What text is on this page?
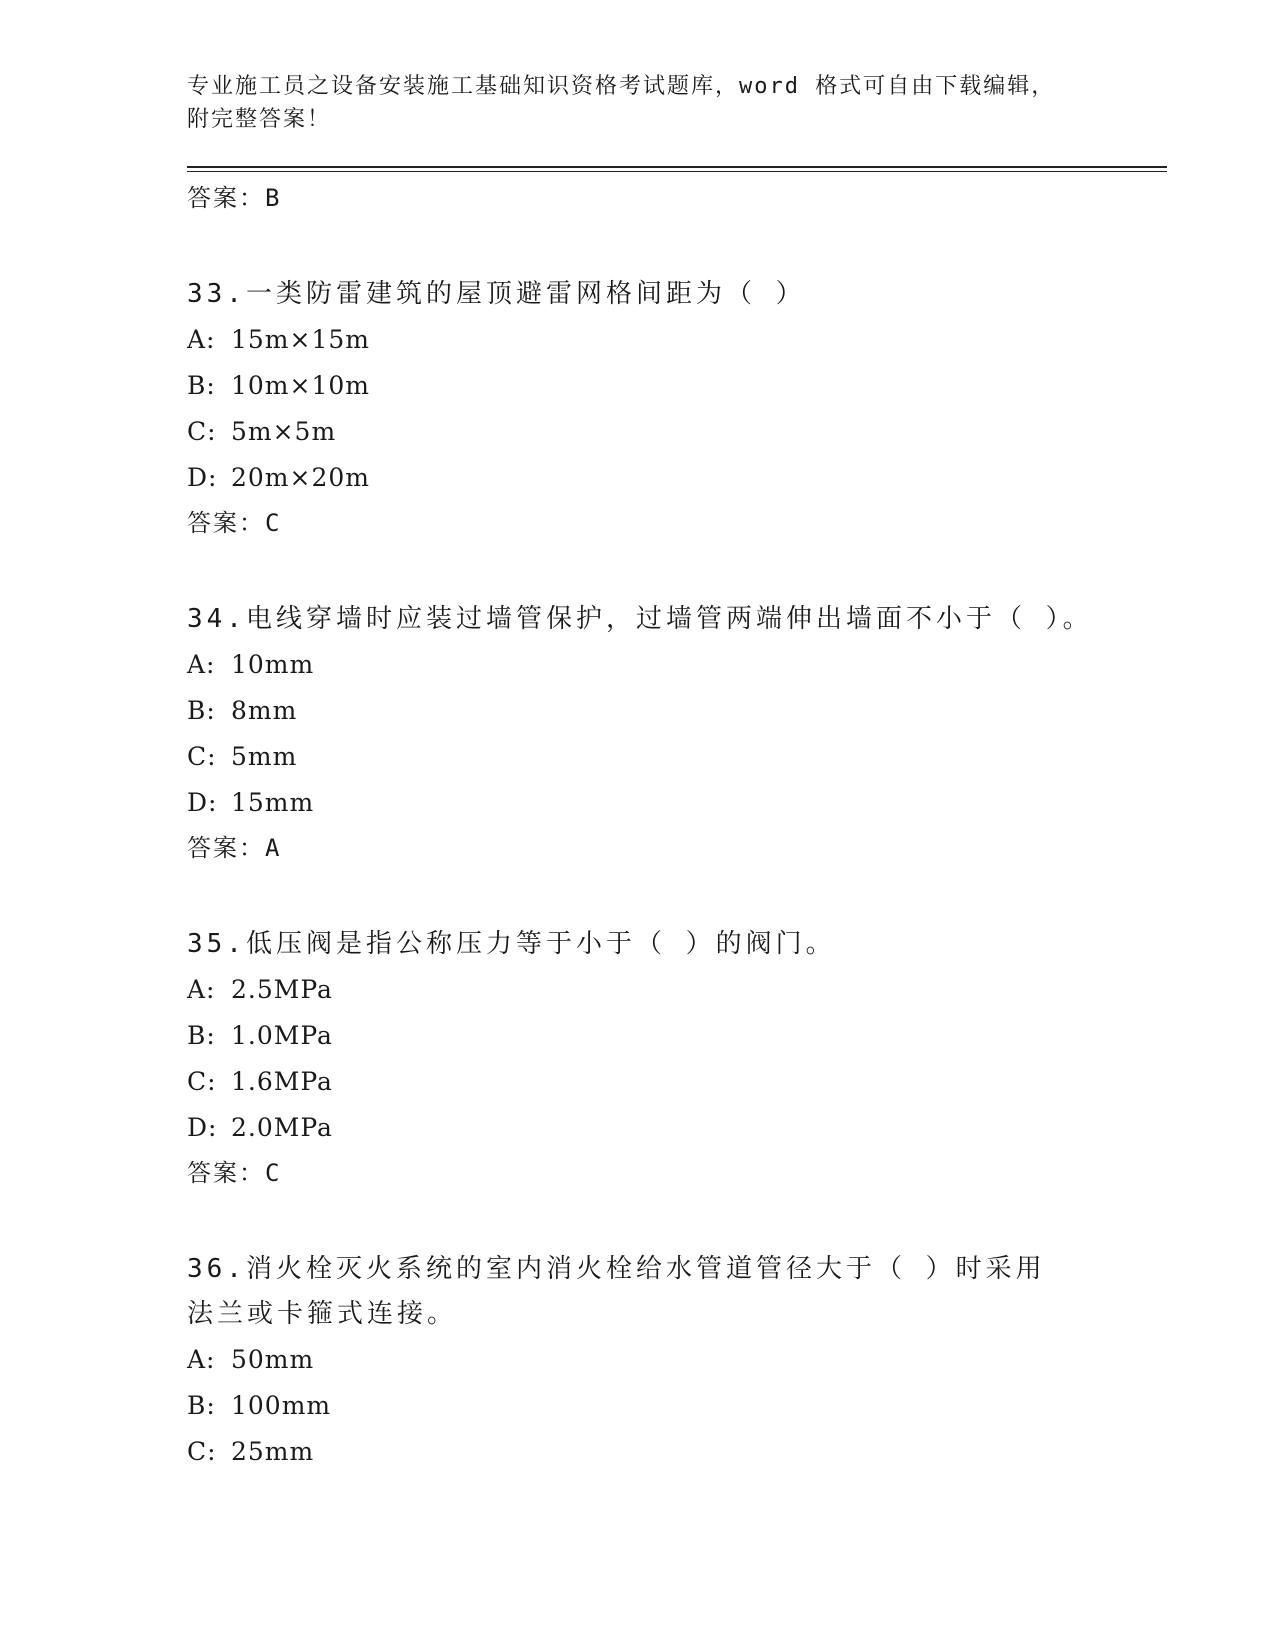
专业施工员之设备安装施工基础知识资格考试题库，word 格式可自由下载编辑，
附完整答案！
答案：B
33.一类防雷建筑的屋顶避雷网格间距为（ ）
A: 15m×15m
B: 10m×10m
C: 5m×5m
D: 20m×20m
答案：C
34.电线穿墙时应装过墙管保护，过墙管两端伸出墙面不小于（ ）。
A: 10mm
B: 8mm
C: 5mm
D: 15mm
答案：A
35.低压阀是指公称压力等于小于（ ）的阀门。
A: 2.5MPa
B: 1.0MPa
C: 1.6MPa
D: 2.0MPa
答案：C
36.消火栓灭火系统的室内消火栓给水管道管径大于（ ）时采用法兰或卡箍式连接。
A: 50mm
B: 100mm
C: 25mm
